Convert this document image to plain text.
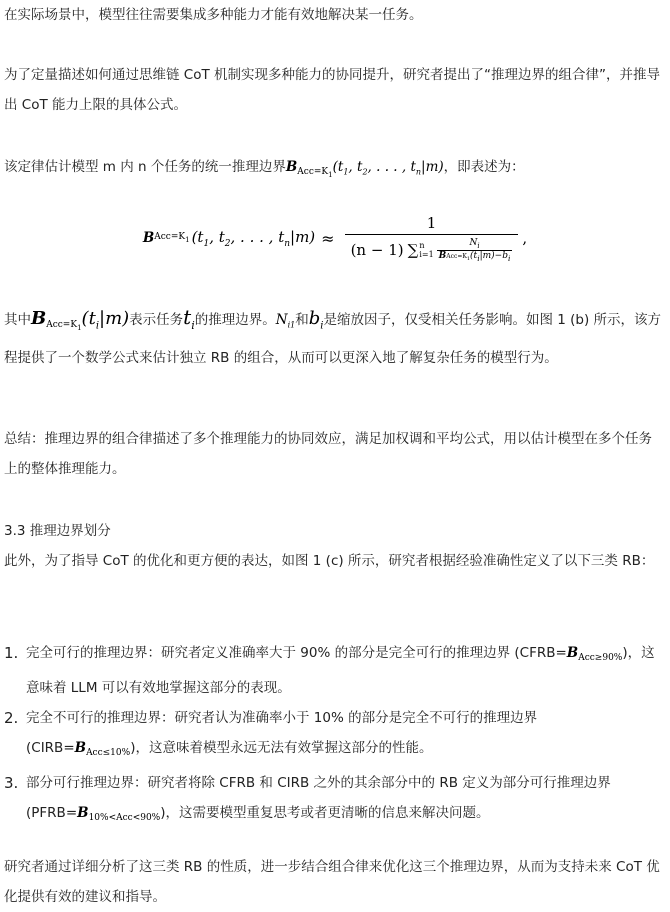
在实际场景中，模型往往需要集成多种能力才能有效地解决某一任务。

为了定量描述如何通过思维链 CoT 机制实现多种能力的协同提升，研究者提出了“推理边界的组合律”，并推导出 CoT 能力上限的具体公式。

该定律估计模型 m 内 n 个任务的统一推理边界$B_{Acc=K_1}(t_1$, $t_2$, . . . , $t_n|m$)，即表述为：

B $Acc=K_1$ ($t_1$, $t_2$, . . . , $t_n|m$) ≈
1
(n − 1) ∑ n
$i=1 \frac{N_i}{BAcc=K_1(t_i|m)-b_i}$ ,

其中$B_{Acc=K_1}(t_i|m)$表示任务$t_i$的推理边界。$N_{i1}$和$b_i$是缩放因子，仅受相关任务影响。如图 1 (b) 所示，该方程提供了一个数学公式来估计独立 RB 的组合，从而可以更深入地了解复杂任务的模型行为。

总结：推理边界的组合律描述了多个推理能力的协同效应，满足加权调和平均公式，用以估计模型在多个任务上的整体推理能力。

3.3 推理边界划分

此外，为了指导 CoT 的优化和更方便的表达，如图 1 (c) 所示，研究者根据经验准确性定义了以下三类 RB：

1. 完全可行的推理边界：研究者定义准确率大于 90% 的部分是完全可行的推理边界 $(CFRB=B_{Acc\ge 90\%})$，这意味着 LLM 可以有效地掌握这部分的表现。
2. 完全不可行的推理边界：研究者认为准确率小于 10% 的部分是完全不可行的推理边界 $(CIRB=B_{Acc\le 10\%})$，这意味着模型永远无法有效掌握这部分的性能。
3. 部分可行推理边界：研究者将除 CFRB 和 CIRB 之外的其余部分中的 RB 定义为部分可行推理边界 $(PFRB=B_{10\%<Acc<90\%})$，这需要模型重复思考或者更清晰的信息来解决问题。

研究者通过详细分析了这三类 RB 的性质，进一步结合组合律来优化这三个推理边界，从而为支持未来 CoT 优化提供有效的建议和指导。
